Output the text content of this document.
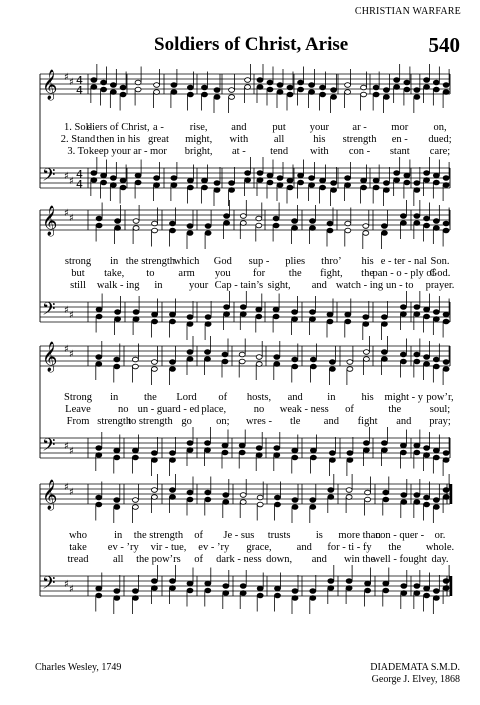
CHRISTIAN WARFARE
Soldiers of Christ, Arise	540
𝄞
𝄢
♯ ♯
♯ ♯
4
4
4
4
𝄞
𝄢
♯ ♯
♯ ♯
𝄞
𝄢
♯ ♯
♯ ♯
𝄞
𝄢
♯ ♯
♯ ♯
1. Sol-
diers of Christ, a - rise, and put your ar - mor on,
2. Stand then in his great might, with all	his strength en - dued;
3. To keep your ar - mor bright, at - tend with con - stant care;
strong in the strength
which God sup - plies thro’ his e - ter - nal Son.
but take, to arm you for the fight, the
pan - o - ply of
God.
still walk - ing in	your Cap - tain’s sight, and watch - ing un - to prayer.
Strong in the Lord of hosts, and in his might - y pow’r,
Leave	no un - guard - ed place,	no weak - ness of	the	soul;
From strength
to strength go on; wres - tle and fight and pray;
who	in the strength of Je - sus trusts is more than
con - quer - or.
take ev - ’ry vir - tue, ev - ’ry grace, and for - ti - fy the whole.
tread all the pow’rs of dark - ness down, and win the
well - fought day.
Charles Wesley, 1749	DIADEMATA S.M.D.
George J. Elvey, 1868
